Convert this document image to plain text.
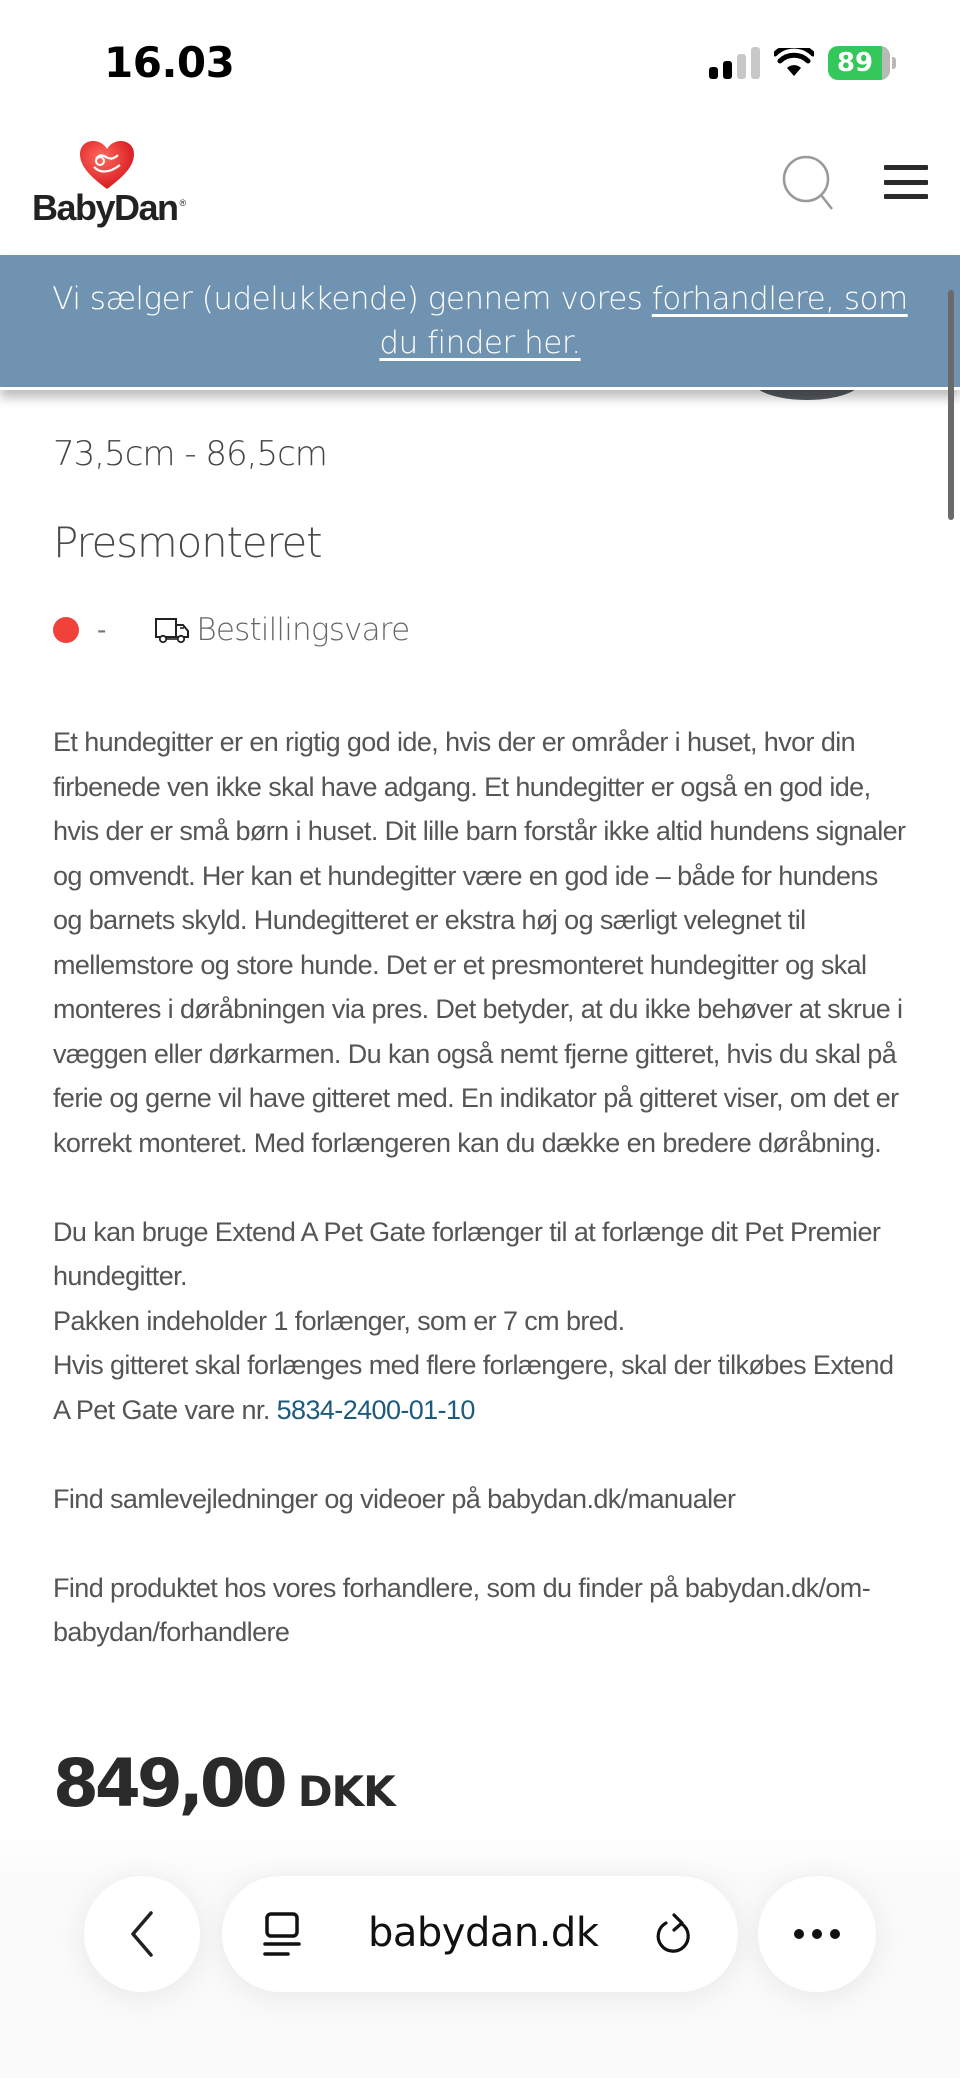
16.03	89
BabyDan ®
Vi sælger (udelukkende) gennem vores forhandlere, som du finder her.
73,5cm - 86,5cm
Presmonteret
-	Bestillingsvare

Et hundegitter er en rigtig god ide, hvis der er områder i huset, hvor din firbenede ven ikke skal have adgang. Et hundegitter er også en god ide, hvis der er små børn i huset. Dit lille barn forstår ikke altid hundens signaler og omvendt. Her kan et hundegitter være en god ide – både for hundens og barnets skyld. Hundegitteret er ekstra høj og særligt velegnet til mellemstore og store hunde. Det er et presmonteret hundegitter og skal monteres i døråbningen via pres. Det betyder, at du ikke behøver at skrue i væggen eller dørkarmen. Du kan også nemt fjerne gitteret, hvis du skal på ferie og gerne vil have gitteret med. En indikator på gitteret viser, om det er korrekt monteret. Med forlængeren kan du dække en bredere døråbning.

Du kan bruge Extend A Pet Gate forlænger til at forlænge dit Pet Premier hundegitter.
Pakken indeholder 1 forlænger, som er 7 cm bred.
Hvis gitteret skal forlænges med flere forlængere, skal der tilkøbes Extend A Pet Gate vare nr. 5834-2400-01-10

Find samlevejledninger og videoer på babydan.dk/manualer

Find produktet hos vores forhandlere, som du finder på babydan.dk/om-babydan/forhandlere

849,00 DKK
babydan.dk
